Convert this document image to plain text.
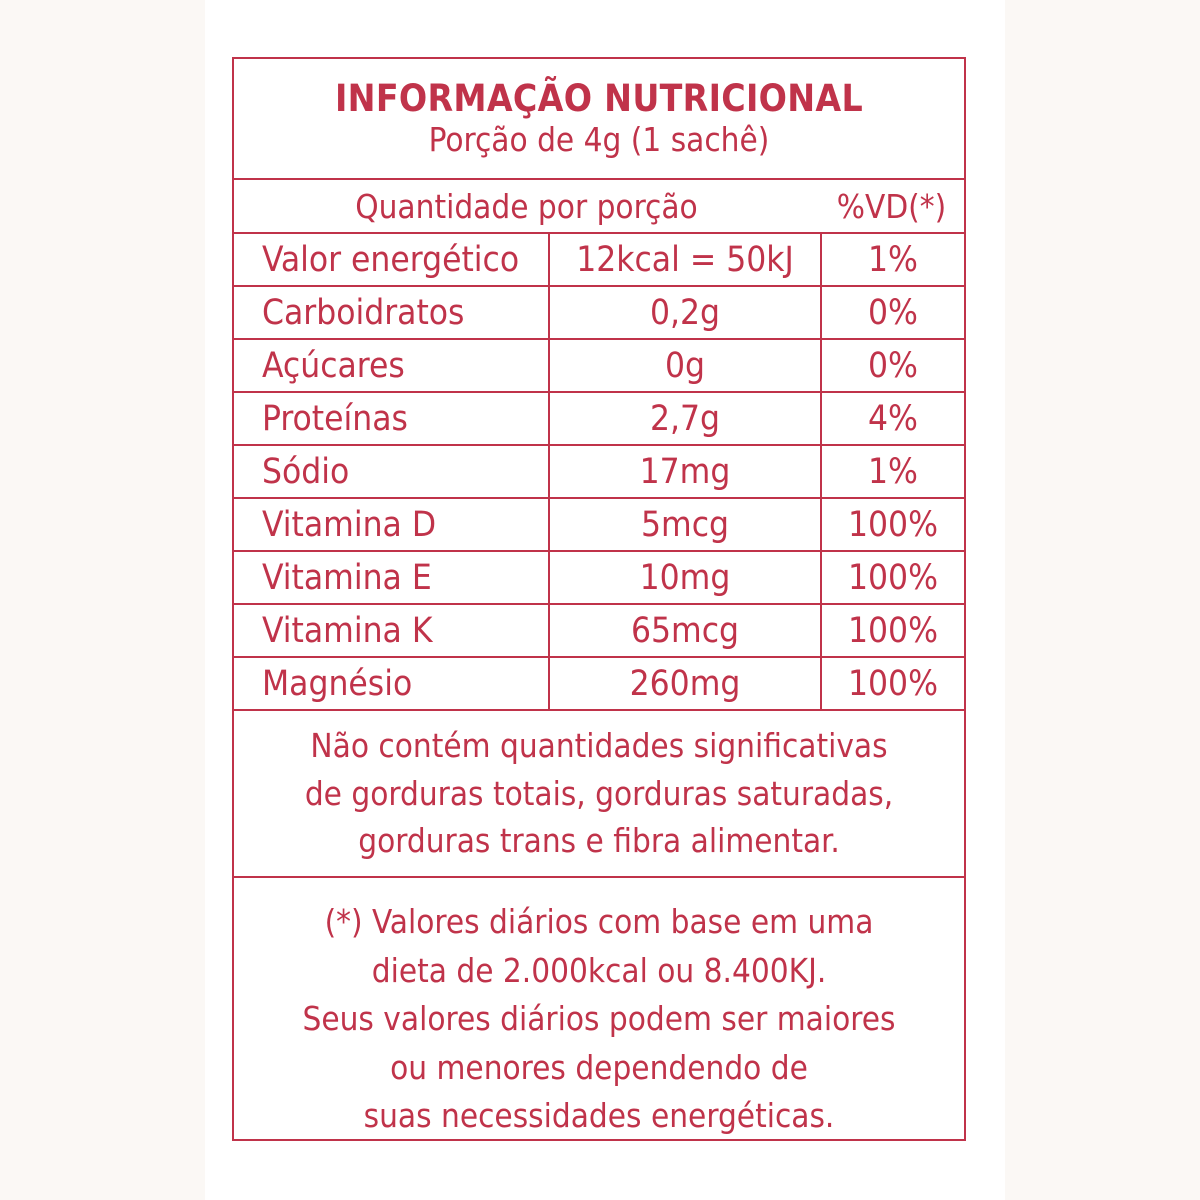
INFORMAÇÃO NUTRICIONAL
Porção de 4g (1 sachê)
Quantidade por porção	%VD(*)
Valor energético	12kcal = 50kJ	1%
Carboidratos	0,2g	0%
Açúcares	0g	0%
Proteínas	2,7g	4%
Sódio	17mg	1%
Vitamina D	5mcg	100%
Vitamina E	10mg	100%
Vitamina K	65mcg	100%
Magnésio	260mg	100%
Não contém quantidades significativas
de gorduras totais, gorduras saturadas,
gorduras trans e fibra alimentar.
(*) Valores diários com base em uma
dieta de 2.000kcal ou 8.400KJ.
Seus valores diários podem ser maiores
ou menores dependendo de
suas necessidades energéticas.
